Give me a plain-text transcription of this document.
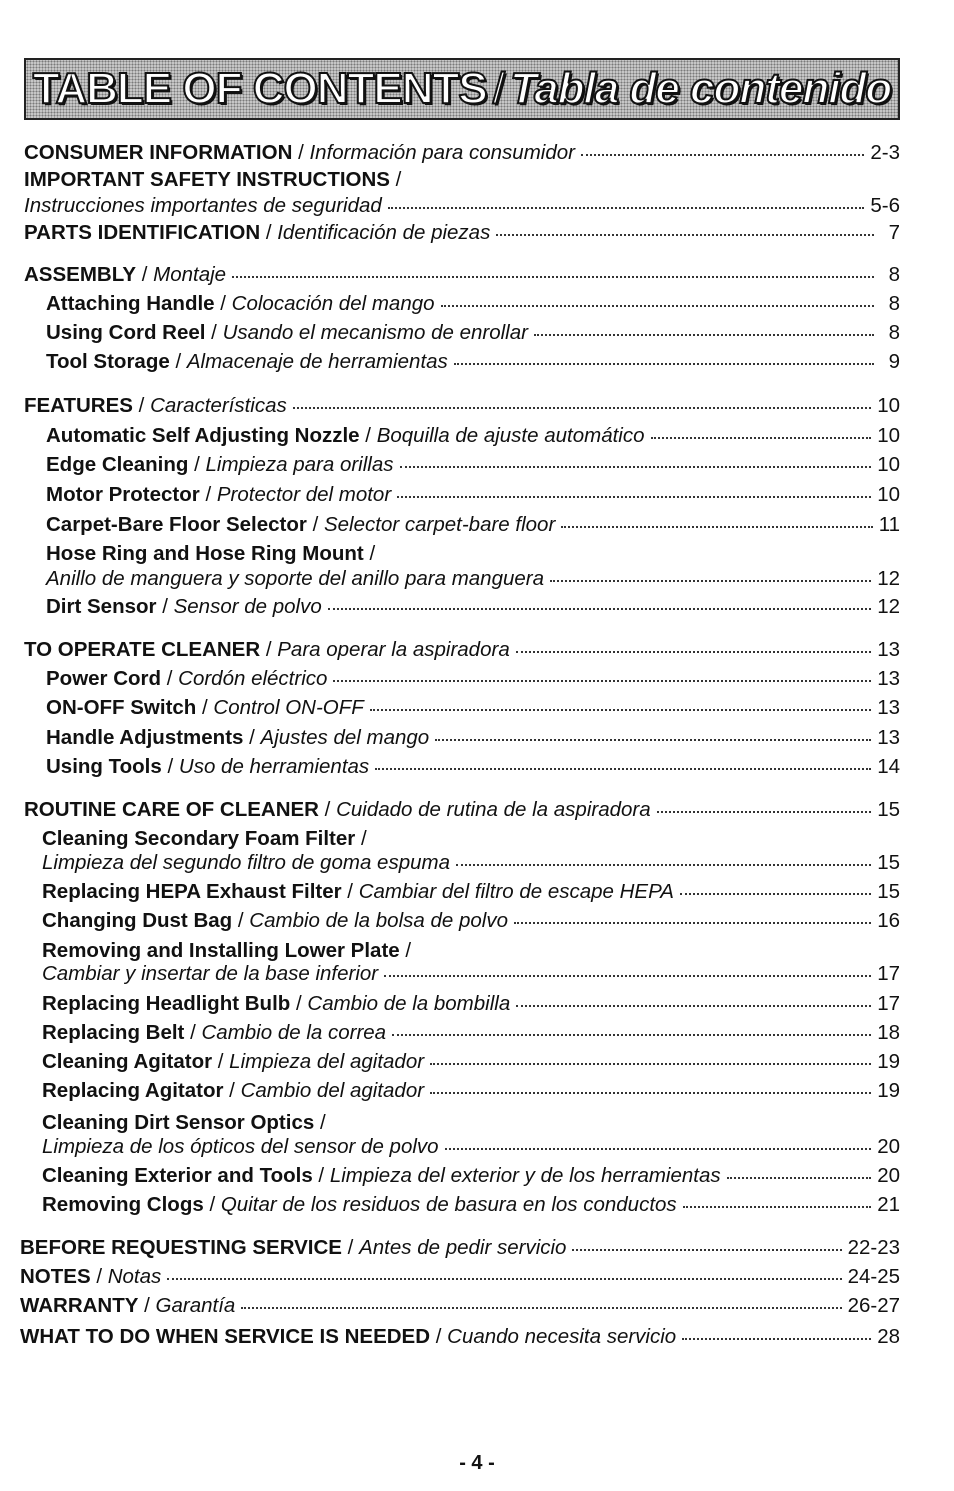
TABLE OF CONTENTS / Tabla de contenido
CONSUMER INFORMATION / Información para consumidor	2-3
IMPORTANT SAFETY INSTRUCTIONS /
Instrucciones importantes de seguridad	5-6
PARTS IDENTIFICATION / Identificación de piezas	7
ASSEMBLY / Montaje	8
Attaching Handle / Colocación del mango	8
Using Cord Reel / Usando el mecanismo de enrollar	8
Tool Storage / Almacenaje de herramientas	9
FEATURES / Características	10
Automatic Self Adjusting Nozzle / Boquilla de ajuste automático	10
Edge Cleaning / Limpieza para orillas	10
Motor Protector / Protector del motor	10
Carpet-Bare Floor Selector / Selector carpet-bare floor	11
Hose Ring and Hose Ring Mount /
Anillo de manguera y soporte del anillo para manguera	12
Dirt Sensor / Sensor de polvo	12
TO OPERATE CLEANER / Para operar la aspiradora	13
Power Cord / Cordón eléctrico	13
ON-OFF Switch / Control ON-OFF	13
Handle Adjustments / Ajustes del mango	13
Using Tools / Uso de herramientas	14
ROUTINE CARE OF CLEANER / Cuidado de rutina de la aspiradora	15
Cleaning Secondary Foam Filter /
Limpieza del segundo filtro de goma espuma	15
Replacing HEPA Exhaust Filter / Cambiar del filtro de escape HEPA	15
Changing Dust Bag / Cambio de la bolsa de polvo	16
Removing and Installing Lower Plate /
Cambiar y insertar de la base inferior	17
Replacing Headlight Bulb / Cambio de la bombilla	17
Replacing Belt / Cambio de la correa	18
Cleaning Agitator / Limpieza del agitador	19
Replacing Agitator / Cambio del agitador	19
Cleaning Dirt Sensor Optics /
Limpieza de los ópticos del sensor de polvo	20
Cleaning Exterior and Tools / Limpieza del exterior y de los herramientas	20
Removing Clogs / Quitar de los residuos de basura en los conductos	21
BEFORE REQUESTING SERVICE / Antes de pedir servicio	22-23
NOTES / Notas	24-25
WARRANTY / Garantía	26-27
WHAT TO DO WHEN SERVICE IS NEEDED / Cuando necesita servicio	28
- 4 -
